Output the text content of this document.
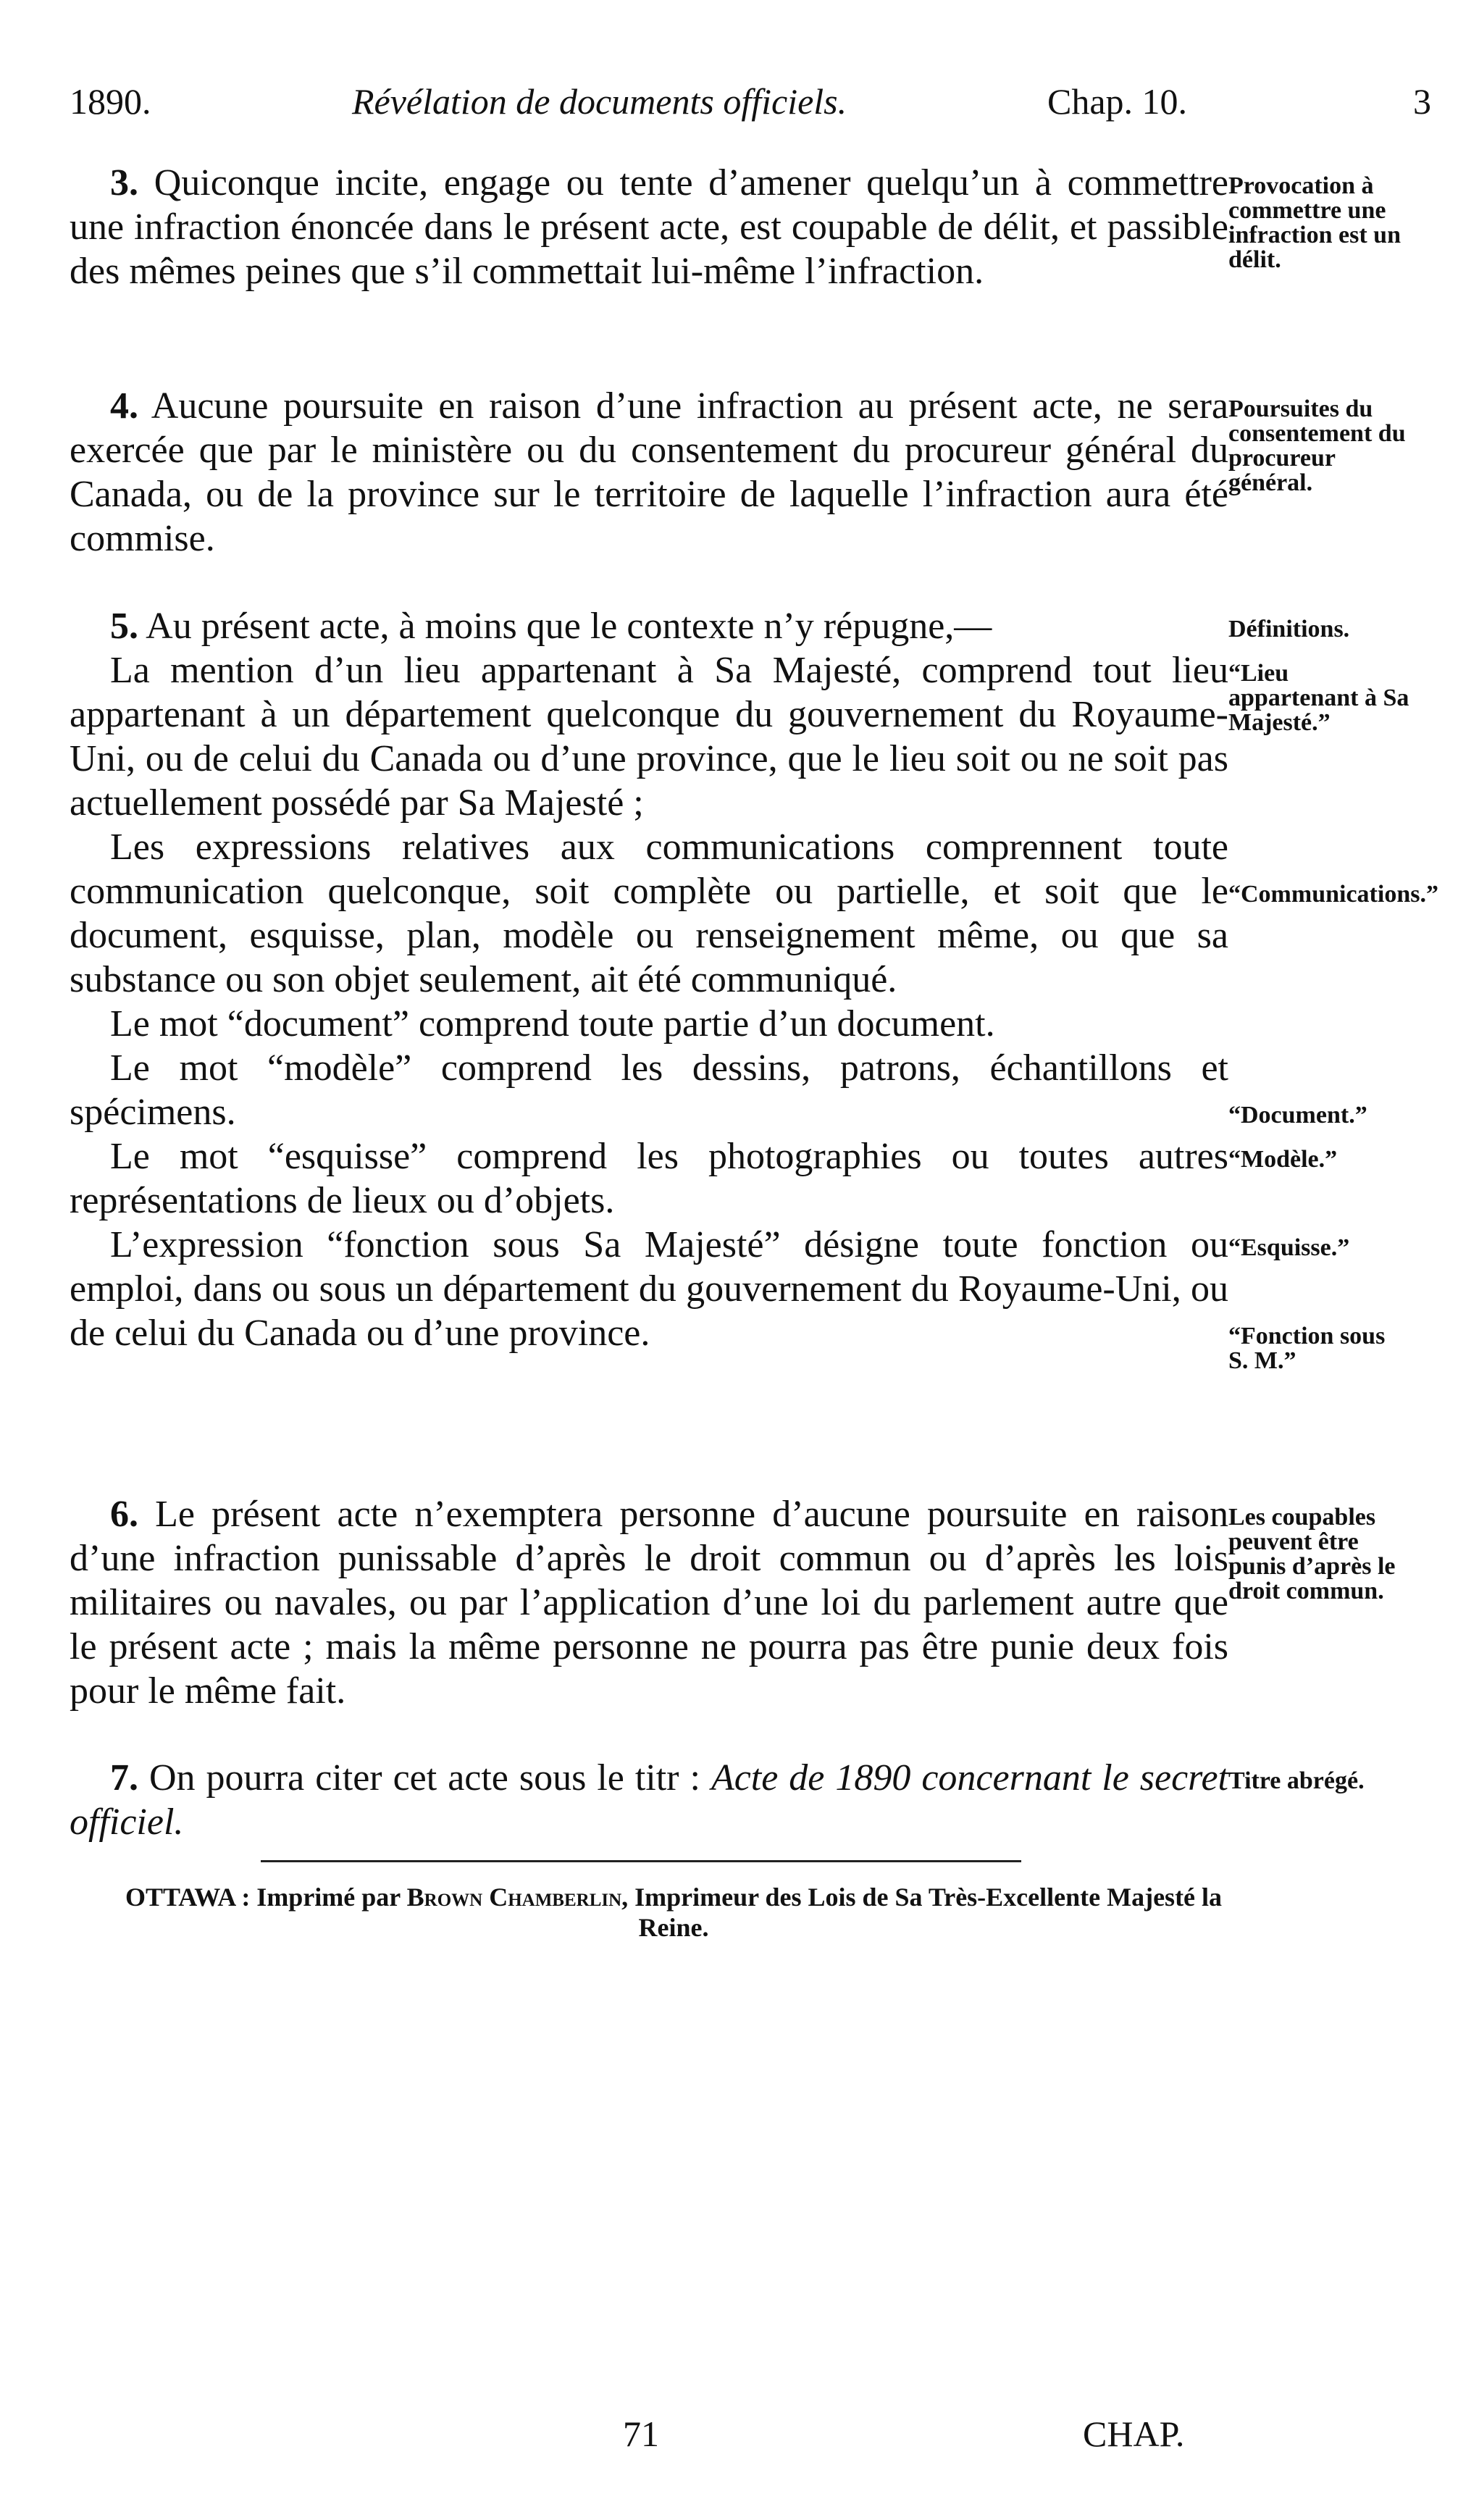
1890.	Révélation de documents officiels.	Chap. 10.	3
3. Quiconque incite, engage ou tente d’amener quelqu’un à commettre une infraction énoncée dans le présent acte, est coupable de délit, et passible des mêmes peines que s’il commettait lui-même l’infraction.
Provocation à commettre une infraction est un délit.
4. Aucune poursuite en raison d’une infraction au présent acte, ne sera exercée que par le ministère ou du consentement du procureur général du Canada, ou de la province sur le territoire de laquelle l’infraction aura été commise.
Poursuites du consentement du procureur général.

5. Au présent acte, à moins que le contexte n’y répugne,—

La mention d’un lieu appartenant à Sa Majesté, comprend tout lieu appartenant à un département quelconque du gouvernement du Royaume-Uni, ou de celui du Canada ou d’une province, que le lieu soit ou ne soit pas actuellement possédé par Sa Majesté ;

Les expressions relatives aux communications comprennent toute communication quelconque, soit complète ou partielle, et soit que le document, esquisse, plan, modèle ou renseignement même, ou que sa substance ou son objet seulement, ait été communiqué.

Le mot “document” comprend toute partie d’un document.

Le mot “modèle” comprend les dessins, patrons, échantillons et spécimens.

Le mot “esquisse” comprend les photographies ou toutes autres représentations de lieux ou d’objets.

L’expression “fonction sous Sa Majesté” désigne toute fonction ou emploi, dans ou sous un département du gouvernement du Royaume-Uni, ou de celui du Canada ou d’une province.

Définitions.
“Lieu appartenant à Sa Majesté.”
“Communications.”
“Document.”
“Modèle.”
“Esquisse.”
“Fonction sous S. M.”
6. Le présent acte n’exemptera personne d’aucune poursuite en raison d’une infraction punissable d’après le droit commun ou d’après les lois militaires ou navales, ou par l’application d’une loi du parlement autre que le présent acte ; mais la même personne ne pourra pas être punie deux fois pour le même fait.
Les coupables peuvent être punis d’après le droit commun.
7. On pourra citer cet acte sous le titr : Acte de 1890 concernant le secret officiel.
Titre abrégé.
OTTAWA : Imprimé par Brown Chamberlin, Imprimeur des Lois de Sa Très-Excellente Majesté la Reine.
71	CHAP.
